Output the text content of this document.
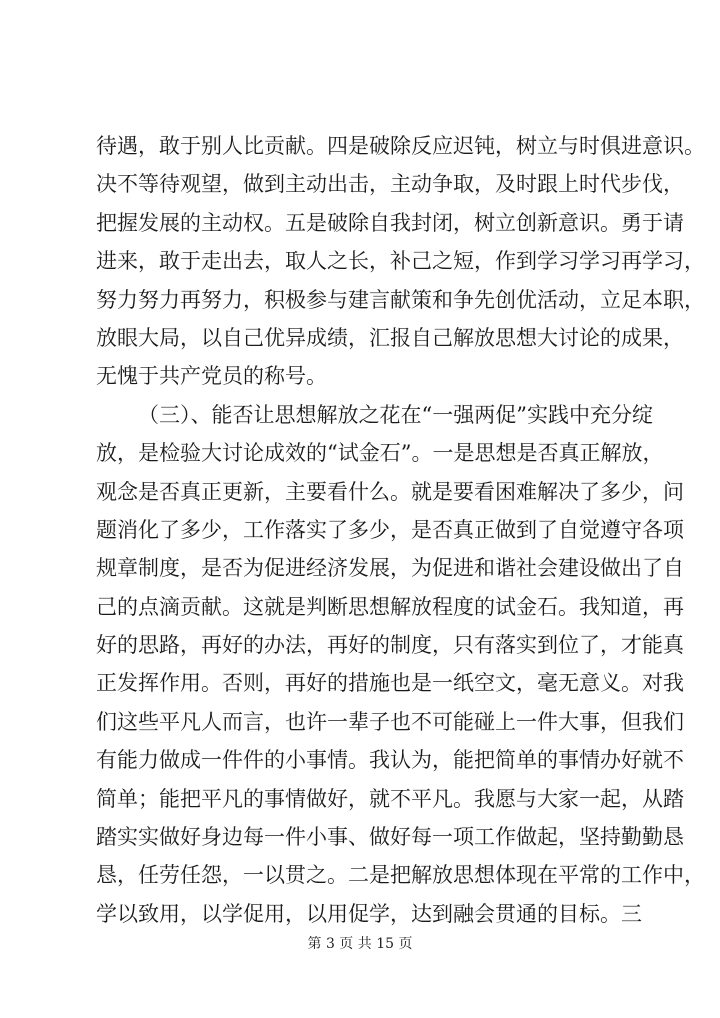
待遇，敢于别人比贡献。四是破除反应迟钝，树立与时俱进意识。
决不等待观望，做到主动出击，主动争取，及时跟上时代步伐，
把握发展的主动权。五是破除自我封闭，树立创新意识。勇于请
进来，敢于走出去，取人之长，补己之短，作到学习学习再学习，
努力努力再努力，积极参与建言献策和争先创优活动，立足本职，
放眼大局，以自己优异成绩，汇报自己解放思想大讨论的成果，
无愧于共产党员的称号。
（三）、能否让思想解放之花在“一强两促”实践中充分绽
放，是检验大讨论成效的“试金石”。一是思想是否真正解放，
观念是否真正更新，主要看什么。就是要看困难解决了多少，问
题消化了多少，工作落实了多少，是否真正做到了自觉遵守各项
规章制度，是否为促进经济发展，为促进和谐社会建设做出了自
己的点滴贡献。这就是判断思想解放程度的试金石。我知道，再
好的思路，再好的办法，再好的制度，只有落实到位了，才能真
正发挥作用。否则，再好的措施也是一纸空文，毫无意义。对我
们这些平凡人而言，也许一辈子也不可能碰上一件大事，但我们
有能力做成一件件的小事情。我认为，能把简单的事情办好就不
简单；能把平凡的事情做好，就不平凡。我愿与大家一起，从踏
踏实实做好身边每一件小事、做好每一项工作做起，坚持勤勤恳
恳，任劳任怨，一以贯之。二是把解放思想体现在平常的工作中，
学以致用，以学促用，以用促学，达到融会贯通的目标。三
第 3 页 共 15 页
